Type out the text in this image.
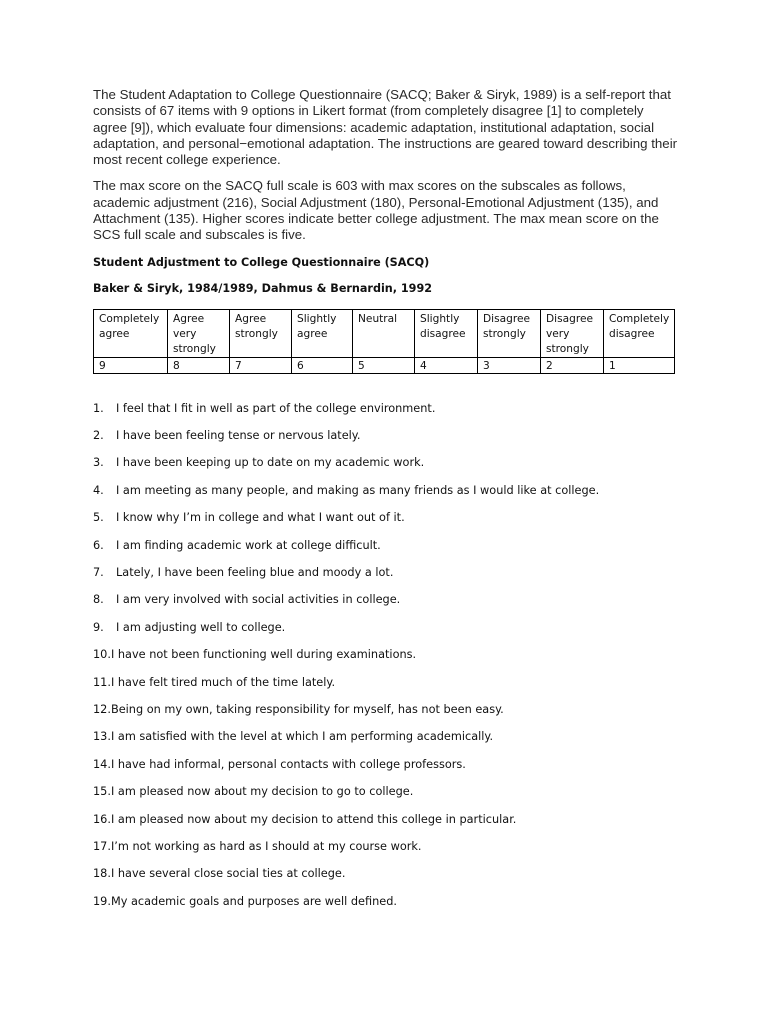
The Student Adaptation to College Questionnaire (SACQ; Baker & Siryk, 1989) is a self-report that consists of 67 items with 9 options in Likert format (from completely disagree [1] to completely agree [9]), which evaluate four dimensions: academic adaptation, institutional adaptation, social adaptation, and personal−emotional adaptation. The instructions are geared toward describing their most recent college experience.

The max score on the SACQ full scale is 603 with max scores on the subscales as follows, academic adjustment (216), Social Adjustment (180), Personal-Emotional Adjustment (135), and Attachment (135). Higher scores indicate better college adjustment. The max mean score on the SCS full scale and subscales is five.

Student Adjustment to College Questionnaire (SACQ)

Baker & Siryk, 1984/1989, Dahmus & Bernardin, 1992

Completely agree	Agree very strongly	Agree strongly	Slightly agree	Neutral	Slightly disagree	Disagree strongly	Disagree very strongly	Completely disagree
9	8	7	6	5	4	3	2	1
1. I feel that I fit in well as part of the college environment.
2. I have been feeling tense or nervous lately.
3. I have been keeping up to date on my academic work.
4. I am meeting as many people, and making as many friends as I would like at college.
5. I know why I’m in college and what I want out of it.
6. I am finding academic work at college difficult.
7. Lately, I have been feeling blue and moody a lot.
8. I am very involved with social activities in college.
9. I am adjusting well to college.
10.I have not been functioning well during examinations.
11.I have felt tired much of the time lately.
12.Being on my own, taking responsibility for myself, has not been easy.
13.I am satisfied with the level at which I am performing academically.
14.I have had informal, personal contacts with college professors.
15.I am pleased now about my decision to go to college.
16.I am pleased now about my decision to attend this college in particular.
17.I’m not working as hard as I should at my course work.
18.I have several close social ties at college.
19.My academic goals and purposes are well defined.
